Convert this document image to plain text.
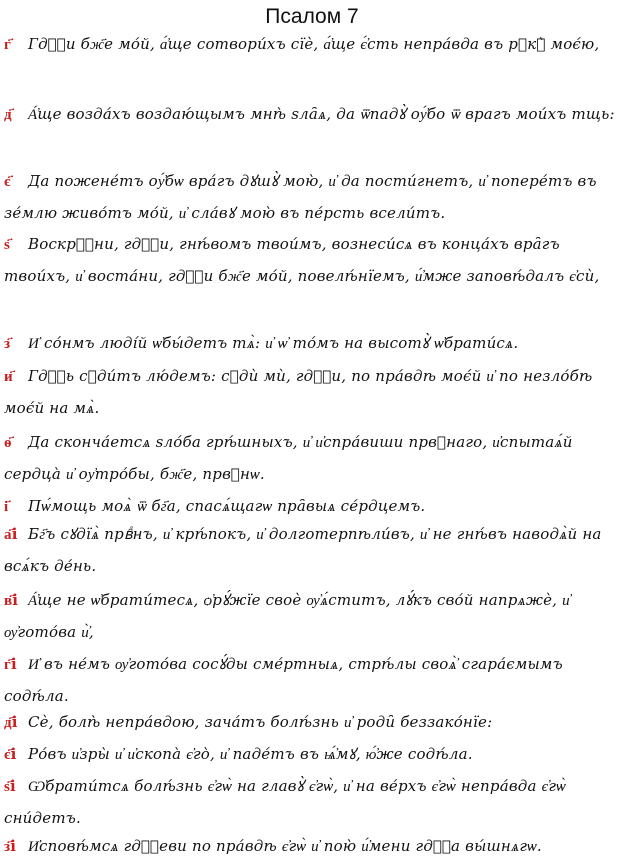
Псалом 7
г҃ Гдⷭ҇и бж҃е мо́й, а҆́ще сотвори́хъ сїѐ, а҆́ще є҆́сть непра́вда въ рꙋкꙋ̀ моє́ю,
д҃ А҆́ще возда́хъ воздаю́щымъ мнѣ̀ ѕла̑ѧ, да ѿпадꙋ̀ оу҆́бо ѿ врагъ мои́хъ тщь:
є҃ Да пожене́тъ оу҆́бѡ вра́гъ дꙋшꙋ̀ мою̀, и҆ да пости́гнетъ, и҆ попере́тъ въ зе́млю живо́тъ мо́й, и҆ сла́вꙋ мою̀ въ пе́рсть всели́тъ.
ѕ҃ Воскрⷭ҇ни, гдⷭ҇и, гнѣ́вомъ твои́мъ, вознеси́сѧ въ конца́хъ вра̑гъ твои́хъ, и҆ воста́ни, гдⷭ҇и бж҃е мо́й, повелѣ́нїемъ, и҆́мже заповѣ́далъ є҆сѝ,
з҃ И҆ со́нмъ люді́й ѡ҆бы́детъ тѧ̀: и҆ ѡ҆ то́мъ на высотꙋ̀ ѡ҆брати́сѧ.
и҃ Гдⷭ҇ь сꙋди́тъ лю́демъ: сꙋдѝ мѝ, гдⷭ҇и, по пра́вдѣ моє́й и҆ по незло́бѣ моє́й на мѧ̀.
ѳ҃ Да сконча́етсѧ ѕло́ба грѣ́шныхъ, и҆ и҆спра́виши првⷣнаго, и҆спытаѧ́й сердца̀ и҆ оу҆тро́бы, бж҃е, првⷣнѡ.
і҃ Пѡ́мощь моѧ̀ ѿ бг҃а, спасѧ́щагѡ пра̑выѧ се́рдцемъ.
а҃і Бг҃ъ сꙋдїѧ̀ првⷣнъ, и҆ крѣ́покъ, и҆ долготерпѣли́въ, и҆ не гнѣ́въ наводѧ̀й на всѧ́къ де́нь.
в҃і А҆́ще не ѡ҆брати́тесѧ, ѻ҆рꙋ́жїе своѐ ѹ҆ѧ́ститъ, лꙋ́къ сво́й напрѧжѐ, и҆ ѹ҆гото́ва и҆̀,
г҃і И҆ въ не́мъ ѹ҆гото́ва сосꙋ́ды сме́ртныѧ, стрѣ́лы своѧ҆̀ сгара́ємымъ содѣ́ла.
д҃і Сѐ, болѣ̀ непра́вдою, зача́тъ болѣ́знь и҆ роди̑ беззако́нїе:
є҃і Ро́въ и҆зры̀ и҆ и҆скопа̀ є҆го̀, и҆ паде́тъ въ ѩ҆́мꙋ, ю҆́же содѣ́ла.
ѕ҃і Ѡ҆брати́тсѧ болѣ́знь є҆гѡ̀ на главꙋ̀ є҆гѡ̀, и҆ на ве́рхъ є҆гѡ̀ непра́вда є҆гѡ̀ сни́детъ.
з҃і И҆сповѣ́мсѧ гдⷭ҇еви по пра́вдѣ є҆гѡ̀ и҆ пою̀ и҆́мени гдⷭ҇а вы́шнѧгѡ.
